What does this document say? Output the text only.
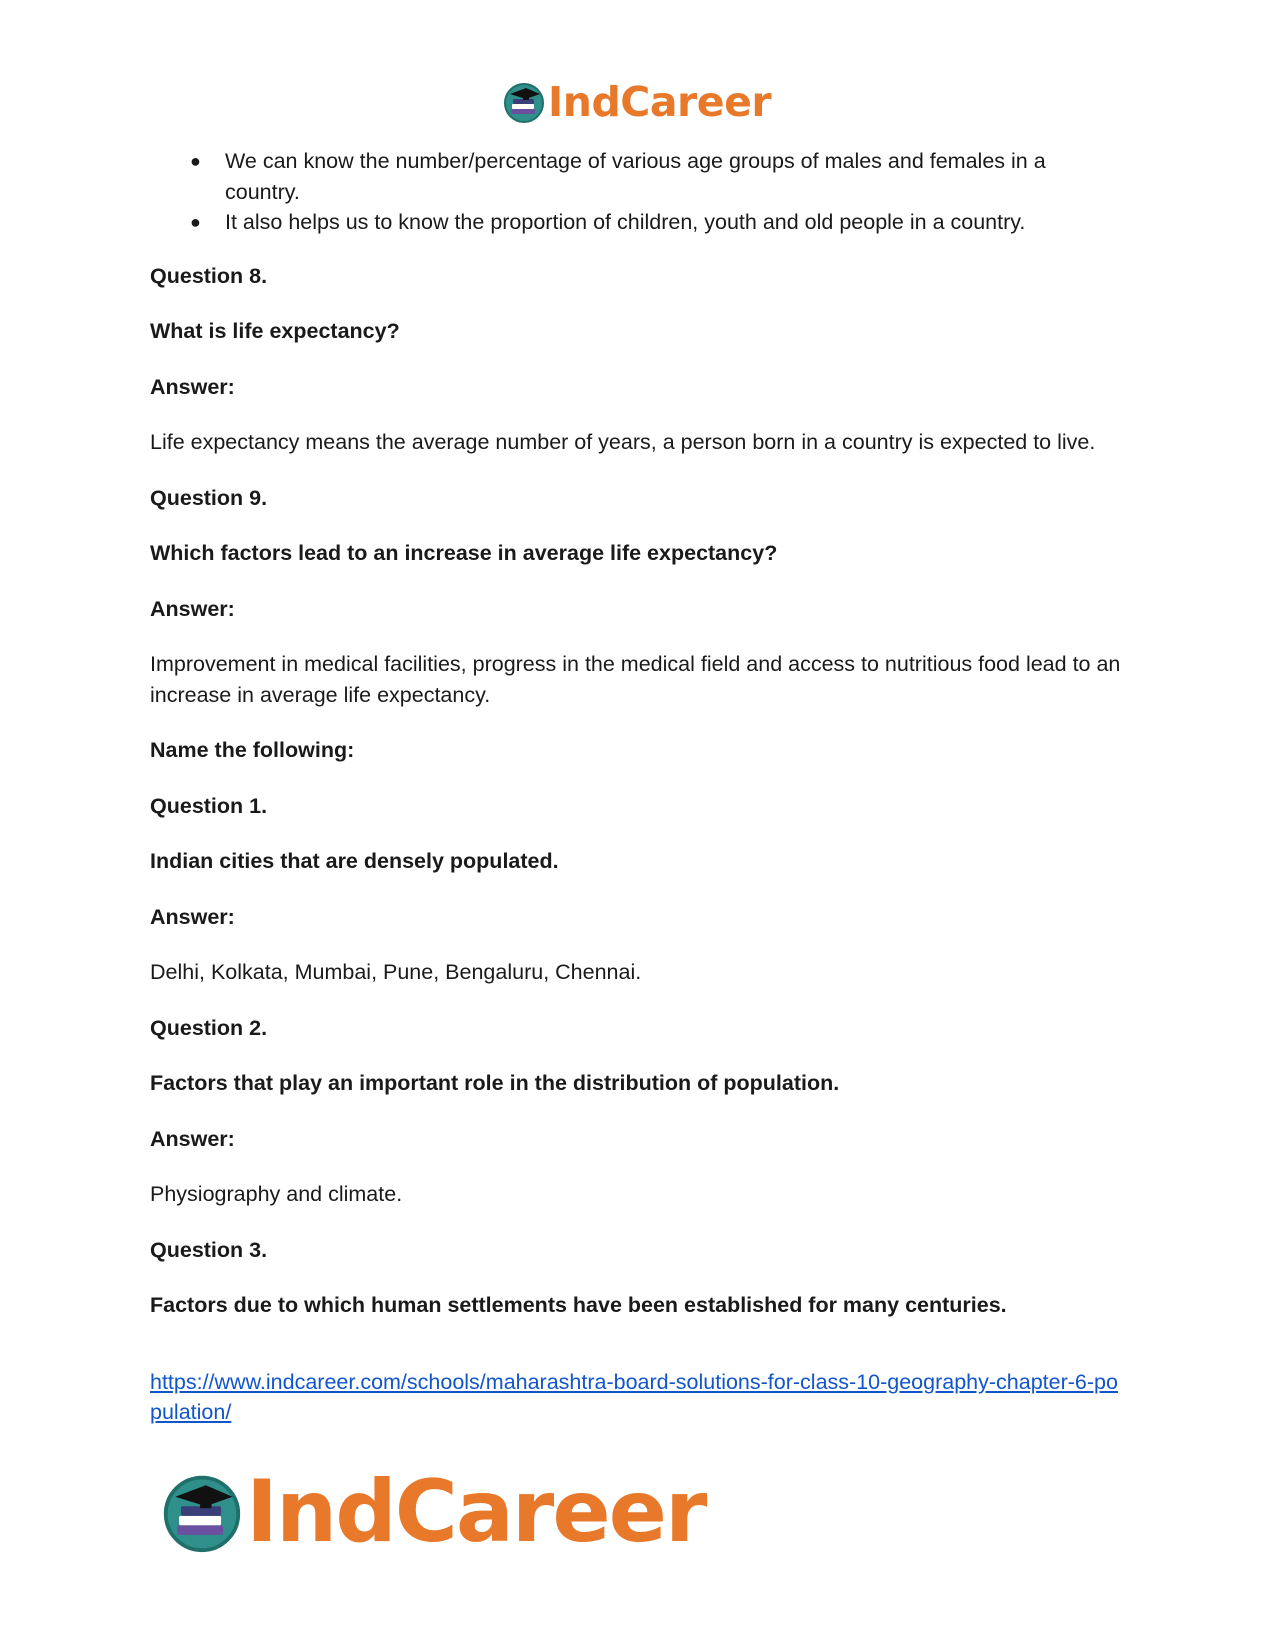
IndCareer
● We can know the number/percentage of various age groups of males and females in a country.
● It also helps us to know the proportion of children, youth and old people in a country.
Question 8.
What is life expectancy?
Answer:
Life expectancy means the average number of years, a person born in a country is expected to live.
Question 9.
Which factors lead to an increase in average life expectancy?
Answer:
Improvement in medical facilities, progress in the medical field and access to nutritious food lead to an increase in average life expectancy.
Name the following:
Question 1.
Indian cities that are densely populated.
Answer:
Delhi, Kolkata, Mumbai, Pune, Bengaluru, Chennai.
Question 2.
Factors that play an important role in the distribution of population.
Answer:
Physiography and climate.
Question 3.
Factors due to which human settlements have been established for many centuries.
https://www.indcareer.com/schools/maharashtra-board-solutions-for-class-10-geography-chapter-6-population/
IndCareer
